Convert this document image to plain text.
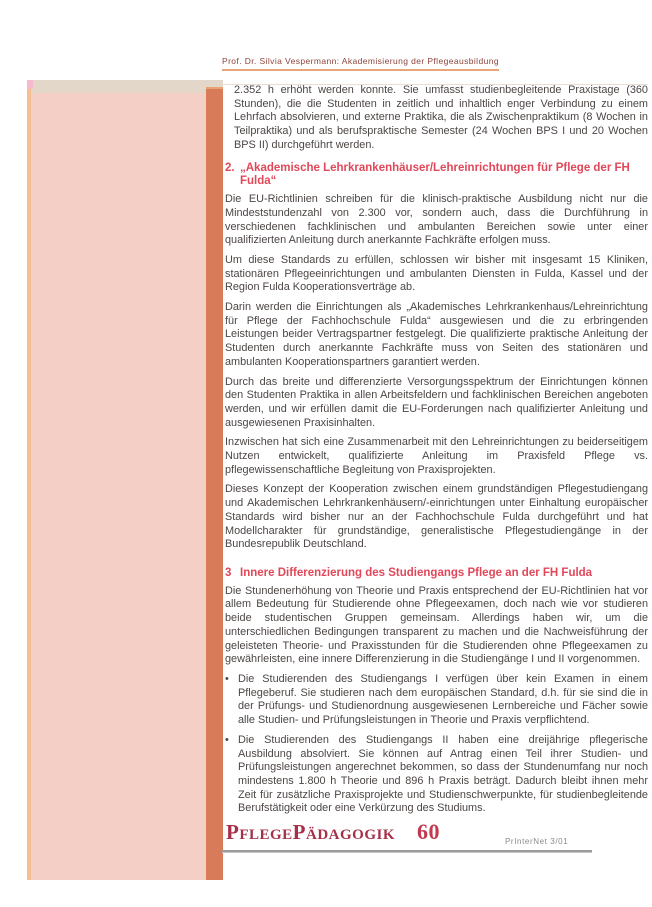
Prof. Dr. Silvia Vespermann: Akademisierung der Pflegeausbildung

2.352 h erhöht werden konnte. Sie umfasst studienbegleitende Praxistage (360 Stunden), die die Studenten in zeitlich und inhaltlich enger Verbindung zu einem Lehrfach absolvieren, und externe Praktika, die als Zwischenpraktikum (8 Wochen in Teilpraktika) und als berufspraktische Semester (24 Wochen BPS I und 20 Wochen BPS II) durchgeführt werden.

2. „Akademische Lehrkrankenhäuser/Lehreinrichtungen für Pflege der FH Fulda“

Die EU-Richtlinien schreiben für die klinisch-praktische Ausbildung nicht nur die Mindeststundenzahl von 2.300 vor, sondern auch, dass die Durchführung in verschiedenen fachklinischen und ambulanten Bereichen sowie unter einer qualifizierten Anleitung durch anerkannte Fachkräfte erfolgen muss.

Um diese Standards zu erfüllen, schlossen wir bisher mit insgesamt 15 Kliniken, stationären Pflegeeinrichtungen und ambulanten Diensten in Fulda, Kassel und der Region Fulda Kooperationsverträge ab.

Darin werden die Einrichtungen als „Akademisches Lehrkrankenhaus/Lehreinrichtung für Pflege der Fachhochschule Fulda“ ausgewiesen und die zu erbringenden Leistungen beider Vertragspartner festgelegt. Die qualifizierte praktische Anleitung der Studenten durch anerkannte Fachkräfte muss von Seiten des stationären und ambulanten Kooperationspartners garantiert werden.

Durch das breite und differenzierte Versorgungsspektrum der Einrichtungen können den Studenten Praktika in allen Arbeitsfeldern und fachklinischen Bereichen angeboten werden, und wir erfüllen damit die EU-Forderungen nach qualifizierter Anleitung und ausgewiesenen Praxisinhalten.

Inzwischen hat sich eine Zusammenarbeit mit den Lehreinrichtungen zu beiderseitigem Nutzen entwickelt, qualifizierte Anleitung im Praxisfeld Pflege vs. pflegewissenschaftliche Begleitung von Praxisprojekten.

Dieses Konzept der Kooperation zwischen einem grundständigen Pflegestudiengang und Akademischen Lehrkrankenhäusern/-einrichtungen unter Einhaltung europäischer Standards wird bisher nur an der Fachhochschule Fulda durchgeführt und hat Modellcharakter für grundständige, generalistische Pflegestudiengänge in der Bundesrepublik Deutschland.

3 Innere Differenzierung des Studiengangs Pflege an der FH Fulda

Die Stundenerhöhung von Theorie und Praxis entsprechend der EU-Richtlinien hat vor allem Bedeutung für Studierende ohne Pflegeexamen, doch nach wie vor studieren beide studentischen Gruppen gemeinsam. Allerdings haben wir, um die unterschiedlichen Bedingungen transparent zu machen und die Nachweisführung der geleisteten Theorie- und Praxisstunden für die Studierenden ohne Pflegeexamen zu gewährleisten, eine innere Differenzierung in die Studiengänge I und II vorgenommen.

• Die Studierenden des Studiengangs I verfügen über kein Examen in einem Pflegeberuf. Sie studieren nach dem europäischen Standard, d.h. für sie sind die in der Prüfungs- und Studienordnung ausgewiesenen Lernbereiche und Fächer sowie alle Studien- und Prüfungsleistungen in Theorie und Praxis verpflichtend.
• Die Studierenden des Studiengangs II haben eine dreijährige pflegerische Ausbildung absolviert. Sie können auf Antrag einen Teil ihrer Studien- und Prüfungsleistungen angerechnet bekommen, so dass der Stundenumfang nur noch mindestens 1.800 h Theorie und 896 h Praxis beträgt. Dadurch bleibt ihnen mehr Zeit für zusätzliche Praxisprojekte und Studienschwerpunkte, für studienbegleitende Berufstätigkeit oder eine Verkürzung des Studiums.
PflegePädagogik 60	PrInterNet 3/01
